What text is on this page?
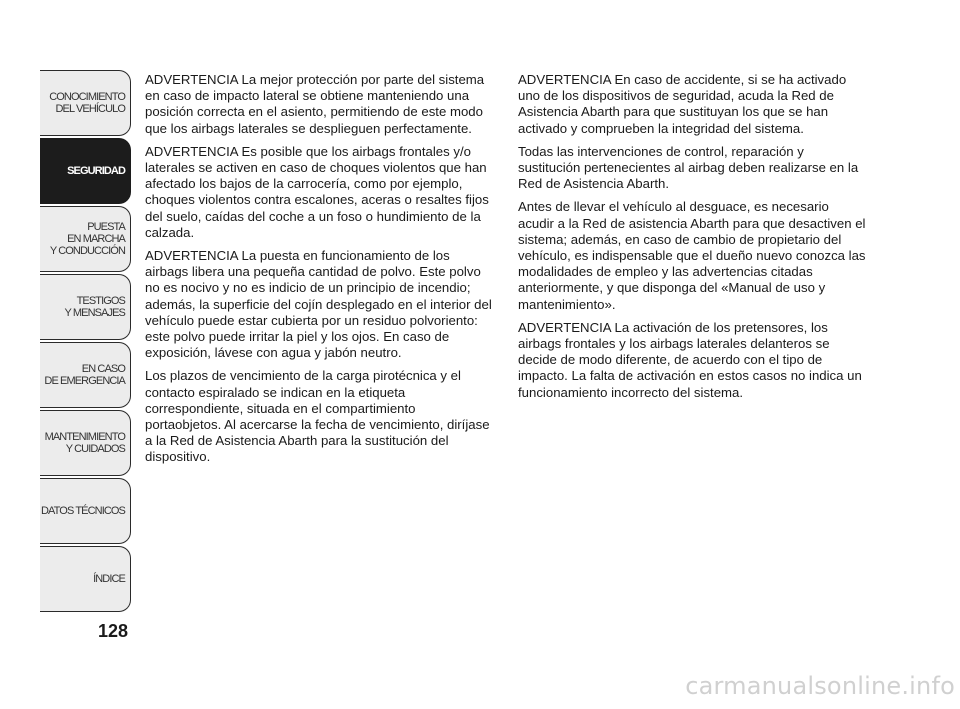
CONOCIMIENTO
DEL VEHÍCULO
SEGURIDAD
PUESTA
EN MARCHA
Y CONDUCCIÓN
TESTIGOS
Y MENSAJES
EN CASO
DE EMERGENCIA
MANTENIMIENTO
Y CUIDADOS
DATOS TÉCNICOS
ÍNDICE
128

ADVERTENCIA La mejor protección por parte del sistema en caso de impacto lateral se obtiene manteniendo una posición correcta en el asiento, permitiendo de este modo que los airbags laterales se desplieguen perfectamente.

ADVERTENCIA Es posible que los airbags frontales y/o laterales se activen en caso de choques violentos que han afectado los bajos de la carrocería, como por ejemplo, choques violentos contra escalones, aceras o resaltes fijos del suelo, caídas del coche a un foso o hundimiento de la calzada.

ADVERTENCIA La puesta en funcionamiento de los airbags libera una pequeña cantidad de polvo. Este polvo no es nocivo y no es indicio de un principio de incendio; además, la superficie del cojín desplegado en el interior del vehículo puede estar cubierta por un residuo polvoriento: este polvo puede irritar la piel y los ojos. En caso de exposición, lávese con agua y jabón neutro.

Los plazos de vencimiento de la carga pirotécnica y el contacto espiralado se indican en la etiqueta correspondiente, situada en el compartimiento portaobjetos. Al acercarse la fecha de vencimiento, diríjase a la Red de Asistencia Abarth para la sustitución del dispositivo.

ADVERTENCIA En caso de accidente, si se ha activado uno de los dispositivos de seguridad, acuda la Red de Asistencia Abarth para que sustituyan los que se han activado y comprueben la integridad del sistema.

Todas las intervenciones de control, reparación y sustitución pertenecientes al airbag deben realizarse en la Red de Asistencia Abarth.

Antes de llevar el vehículo al desguace, es necesario acudir a la Red de asistencia Abarth para que desactiven el sistema; además, en caso de cambio de propietario del vehículo, es indispensable que el dueño nuevo conozca las modalidades de empleo y las advertencias citadas anteriormente, y que disponga del «Manual de uso y mantenimiento».

ADVERTENCIA La activación de los pretensores, los airbags frontales y los airbags laterales delanteros se decide de modo diferente, de acuerdo con el tipo de impacto. La falta de activación en estos casos no indica un funcionamiento incorrecto del sistema.

carmanualsonline.info
